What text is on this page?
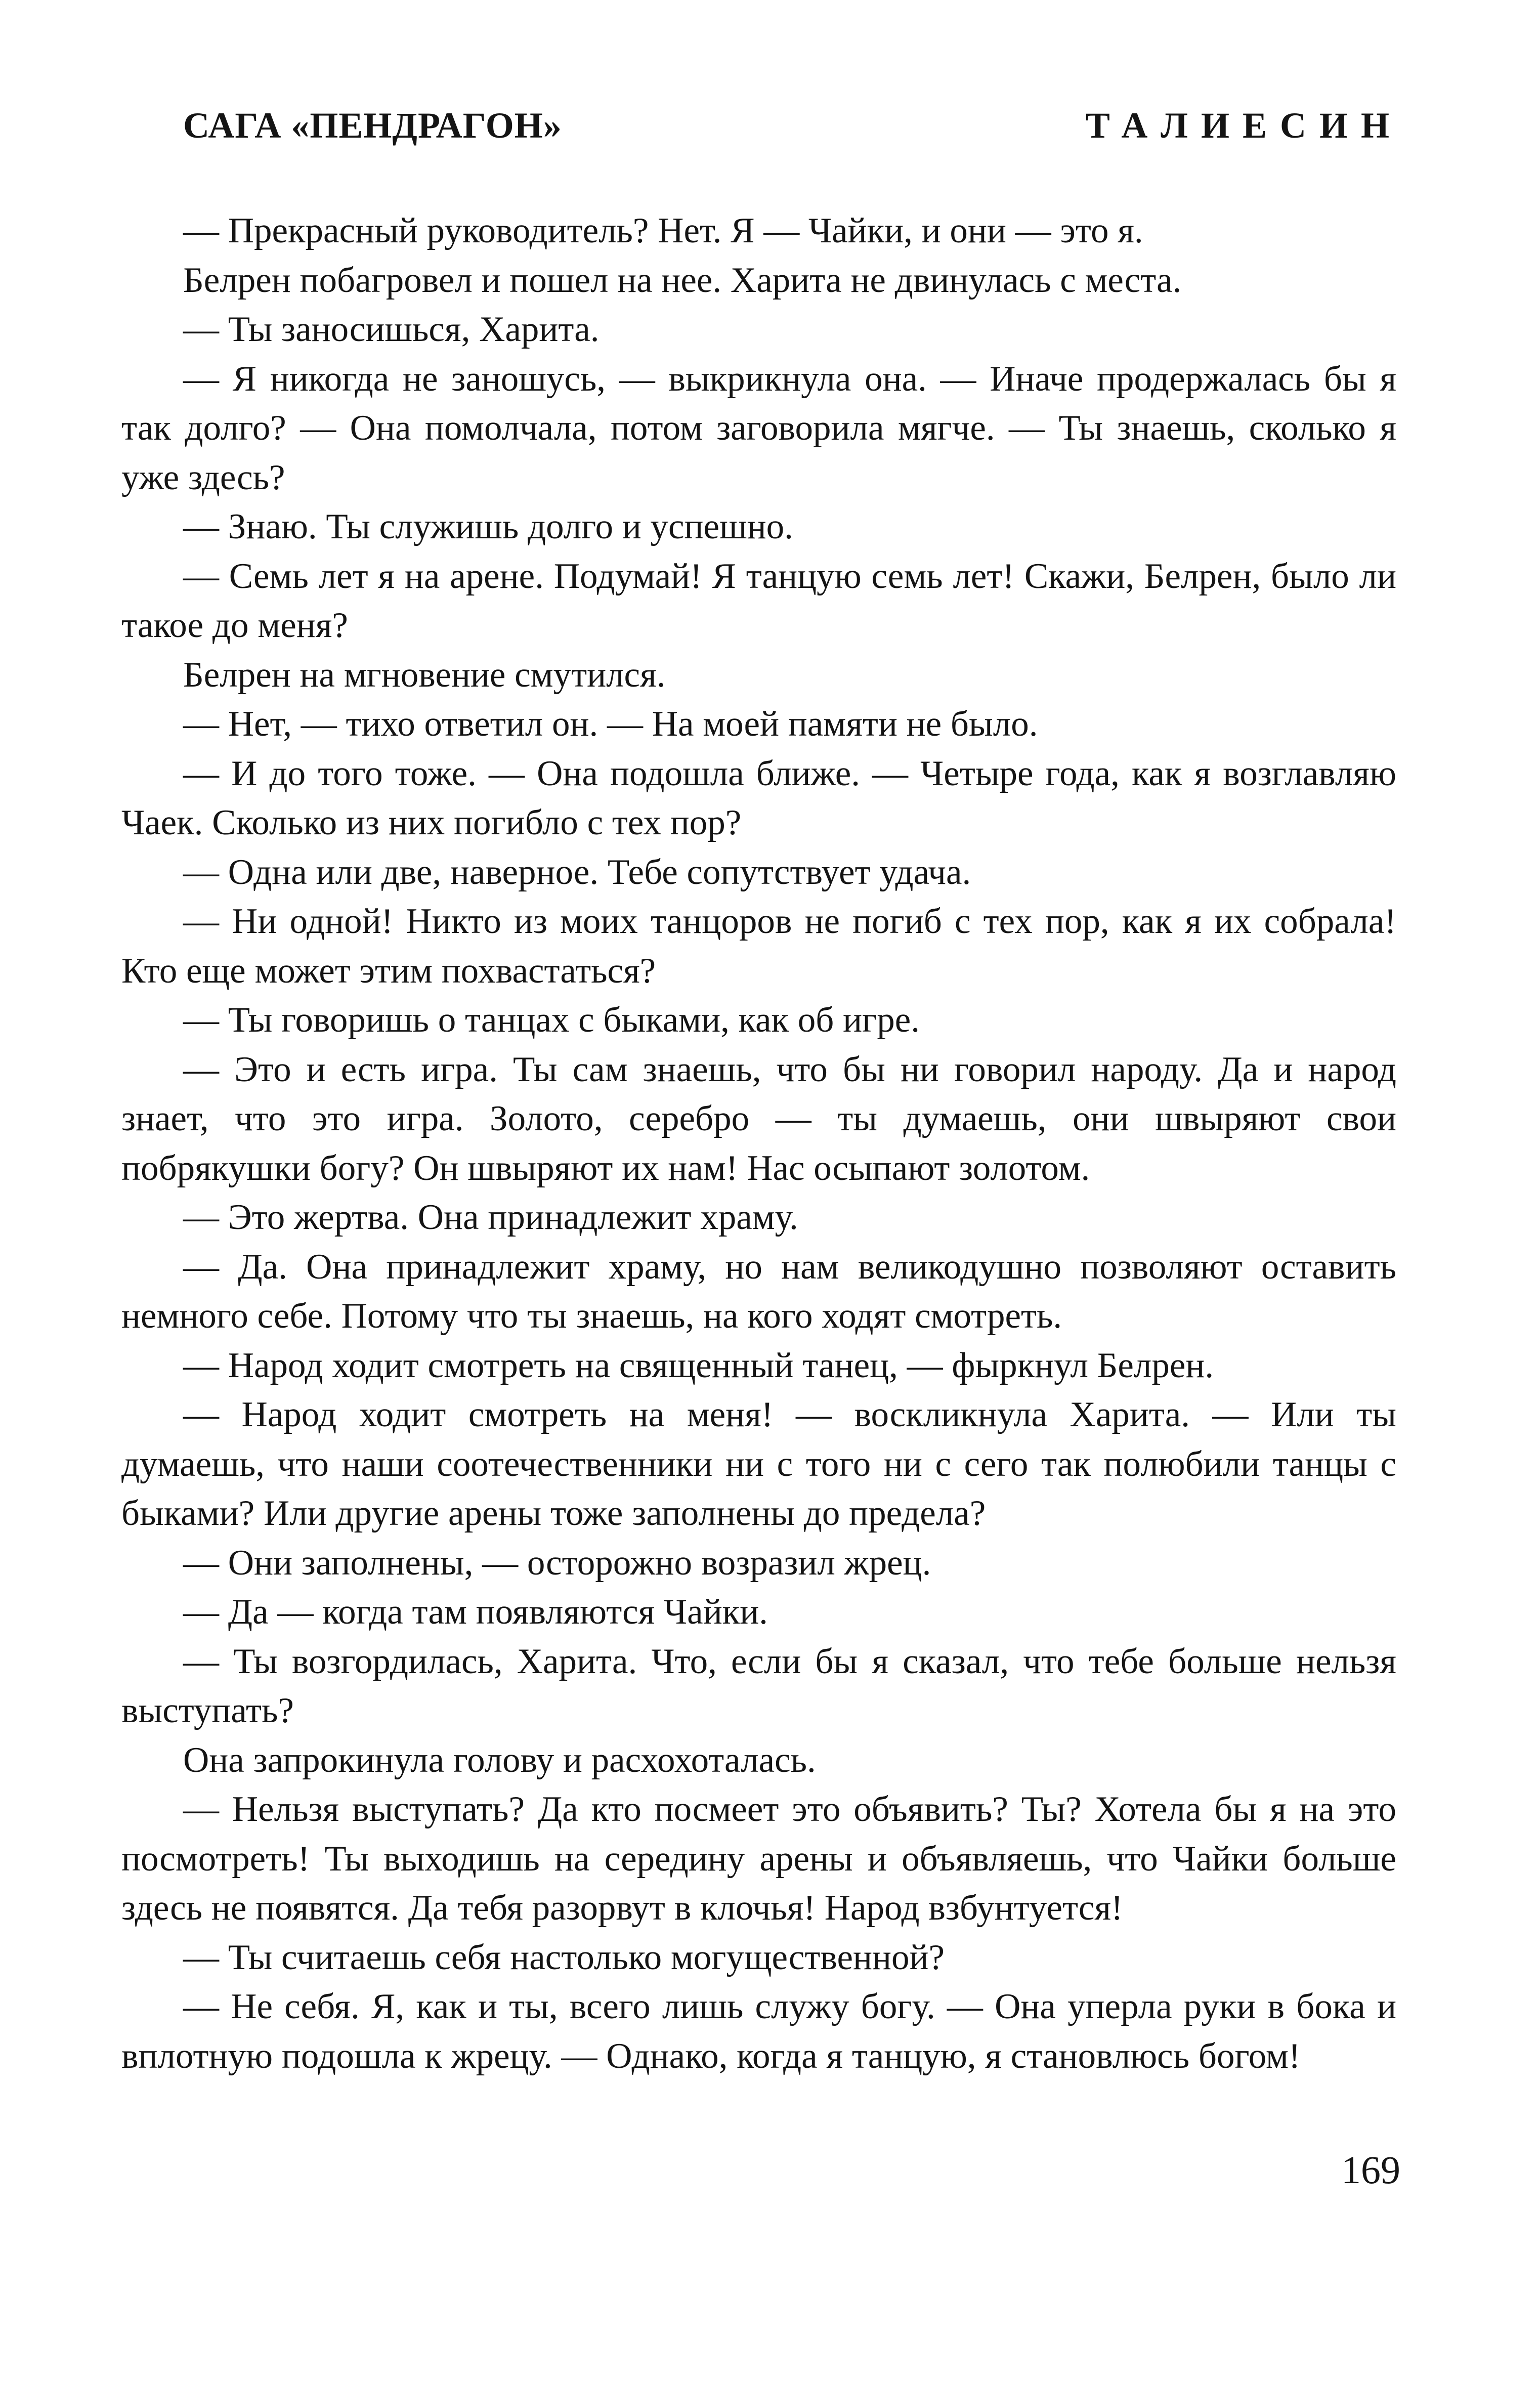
САГА «ПЕНДРАГОН»	ТАЛИЕСИН

— Прекрасный руководитель? Нет. Я — Чайки, и они — это я.

Белрен побагровел и пошел на нее. Харита не двинулась с места.

— Ты заносишься, Харита.

— Я никогда не заношусь, — выкрикнула она. — Иначе продержалась бы я так долго? — Она помолчала, потом заговорила мягче. — Ты знаешь, сколько я уже здесь?

— Знаю. Ты служишь долго и успешно.

— Семь лет я на арене. Подумай! Я танцую семь лет! Скажи, Белрен, было ли такое до меня?

Белрен на мгновение смутился.

— Нет, — тихо ответил он. — На моей памяти не было.

— И до того тоже. — Она подошла ближе. — Четыре года, как я возглавляю Чаек. Сколько из них погибло с тех пор?

— Одна или две, наверное. Тебе сопутствует удача.

— Ни одной! Никто из моих танцоров не погиб с тех пор, как я их собрала! Кто еще может этим похвастаться?

— Ты говоришь о танцах с быками, как об игре.

— Это и есть игра. Ты сам знаешь, что бы ни говорил народу. Да и народ знает, что это игра. Золото, серебро — ты думаешь, они швыряют свои побрякушки богу? Он швыряют их нам! Нас осыпают золотом.

— Это жертва. Она принадлежит храму.

— Да. Она принадлежит храму, но нам великодушно позволяют оставить немного себе. Потому что ты знаешь, на кого ходят смотреть.

— Народ ходит смотреть на священный танец, — фыркнул Белрен.

— Народ ходит смотреть на меня! — воскликнула Харита. — Или ты думаешь, что наши соотечественники ни с того ни с сего так полюбили танцы с быками? Или другие арены тоже заполнены до предела?

— Они заполнены, — осторожно возразил жрец.

— Да — когда там появляются Чайки.

— Ты возгордилась, Харита. Что, если бы я сказал, что тебе больше нельзя выступать?

Она запрокинула голову и расхохоталась.

— Нельзя выступать? Да кто посмеет это объявить? Ты? Хотела бы я на это посмотреть! Ты выходишь на середину арены и объявляешь, что Чайки больше здесь не появятся. Да тебя разорвут в клочья! Народ взбунтуется!

— Ты считаешь себя настолько могущественной?

— Не себя. Я, как и ты, всего лишь служу богу. — Она уперла руки в бока и вплотную подошла к жрецу. — Однако, когда я танцую, я становлюсь богом!

169
